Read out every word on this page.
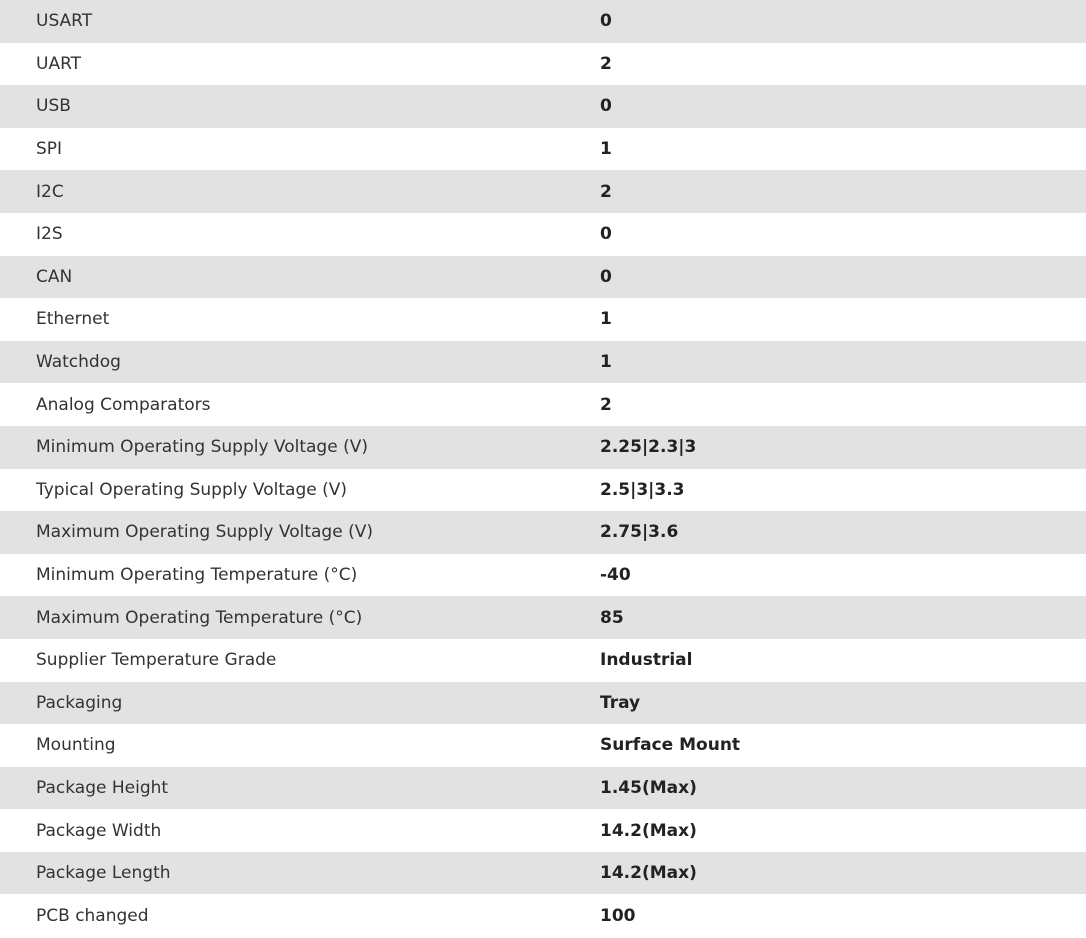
USART	0
UART	2
USB	0
SPI	1
I2C	2
I2S	0
CAN	0
Ethernet	1
Watchdog	1
Analog Comparators	2
Minimum Operating Supply Voltage (V)	2.25|2.3|3
Typical Operating Supply Voltage (V)	2.5|3|3.3
Maximum Operating Supply Voltage (V)	2.75|3.6
Minimum Operating Temperature (°C)	-40
Maximum Operating Temperature (°C)	85
Supplier Temperature Grade	Industrial
Packaging	Tray
Mounting	Surface Mount
Package Height	1.45(Max)
Package Width	14.2(Max)
Package Length	14.2(Max)
PCB changed	100
